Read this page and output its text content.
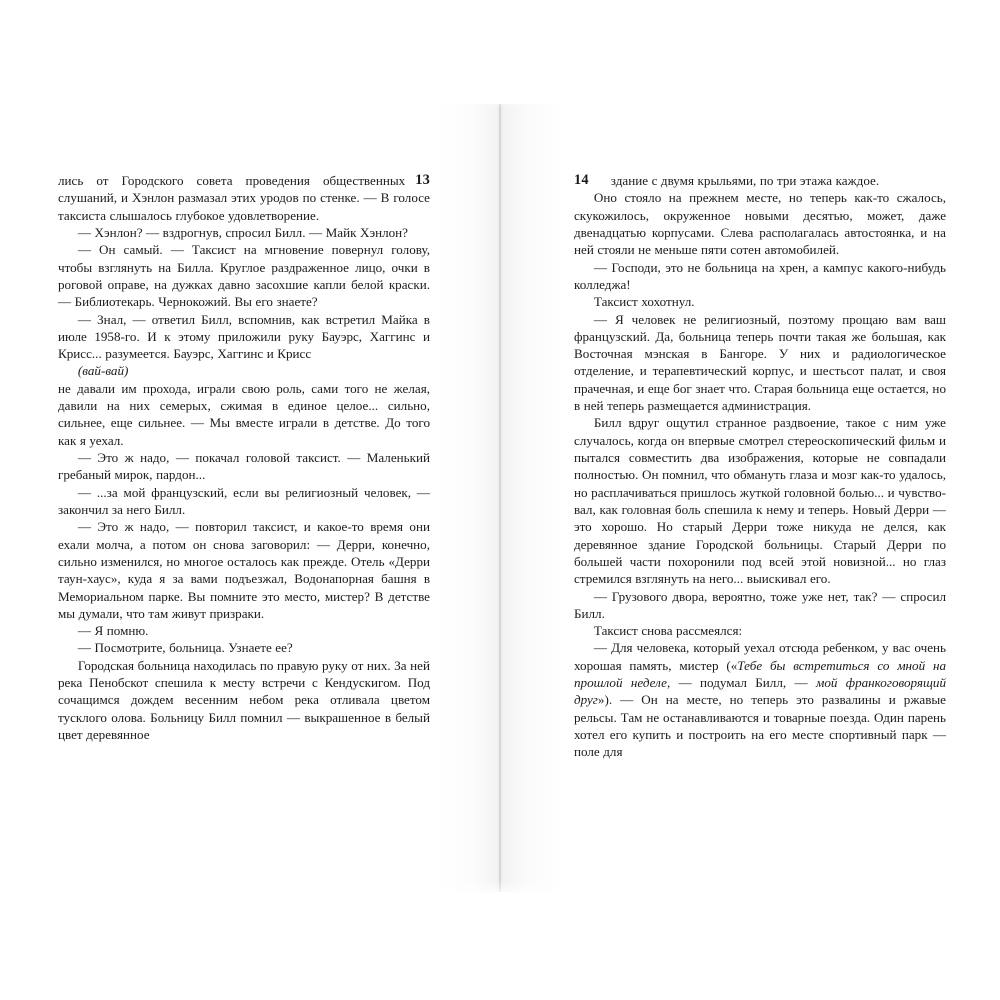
13

лись от Городского совета проведения общественных слушаний, и Хэнлон размазал этих уродов по стенке. — В голосе таксиста слышалось глубокое удовлетворение.

— Хэнлон? — вздрогнув, спросил Билл. — Майк Хэнлон?

— Он самый. — Таксист на мгновение повернул голову, чтобы взглянуть на Билла. Круглое раздраженное лицо, очки в роговой оправе, на дужках давно засохшие капли белой краски. — Библиотекарь. Чернокожий. Вы его знаете?

— Знал, — ответил Билл, вспомнив, как встретил Майка в июле 1958-го. И к этому приложили руку Бауэрс, Хаггинс и Крисс... разумеется. Бауэрс, Хаггинс и Крисс

(вай-вай)

не давали им прохода, играли свою роль, сами того не желая, давили на них семерых, сжимая в единое целое... сильно, сильнее, еще сильнее. — Мы вместе играли в детстве. До того как я уехал.

— Это ж надо, — покачал головой таксист. — Маленький гребаный мирок, пардон...

— ...за мой французский, если вы религиозный человек, — закончил за него Билл.

— Это ж надо, — повторил таксист, и какое-то время они ехали молча, а потом он снова заговорил: — Дерри, конечно, сильно изменился, но многое осталось как прежде. Отель «Дерри таун-хаус», куда я за вами подъезжал, Водонапорная башня в Мемориальном парке. Вы помните это место, мистер? В детстве мы думали, что там живут призраки.

— Я помню.

— Посмотрите, больница. Узнаете ее?

Городская больница находилась по правую руку от них. За ней река Пенобскот спешила к месту встречи с Кендускигом. Под сочащимся дождем весенним небом река отливала цветом тусклого олова. Больницу Билл помнил — выкрашенное в белый цвет деревянное

14	здание с двумя крыльями, по три этажа каждое.

Оно стояло на прежнем месте, но теперь как-то сжалось, скукожилось, окруженное новыми десятью, может, даже двенадцатью корпусами. Слева располагалась автостоянка, и на ней стояли не меньше пяти сотен автомобилей.

— Господи, это не больница на хрен, а кампус какого-нибудь колледжа!

Таксист хохотнул.

— Я человек не религиозный, поэтому прощаю вам ваш французский. Да, больница теперь почти такая же большая, как Восточная мэнская в Бангоре. У них и радиологическое отделение, и терапевтический корпус, и шестьсот палат, и своя прачечная, и еще бог знает что. Старая больница еще остается, но в ней теперь размещается администрация.

Билл вдруг ощутил странное раздвоение, такое с ним уже случалось, когда он впервые смотрел стереоскопический фильм и пытался совместить два изображения, которые не совпадали полностью. Он помнил, что обмануть глаза и мозг как-то удалось, но расплачиваться пришлось жуткой головной болью... и чувствовал, как головная боль спешила к нему и теперь. Новый Дерри — это хорошо. Но старый Дерри тоже никуда не делся, как деревянное здание Городской больницы. Старый Дерри по большей части похоронили под всей этой новизной... но глаз стремился взглянуть на него... выискивал его.

— Грузового двора, вероятно, тоже уже нет, так? — спросил Билл.

Таксист снова рассмеялся:

— Для человека, который уехал отсюда ребенком, у вас очень хорошая память, мистер («Тебе бы встретиться со мной на прошлой неделе, — подумал Билл, — мой франкоговорящий друг»). — Он на месте, но теперь это развалины и ржавые рельсы. Там не останавливаются и товарные поезда. Один парень хотел его купить и построить на его месте спортивный парк — поле для
